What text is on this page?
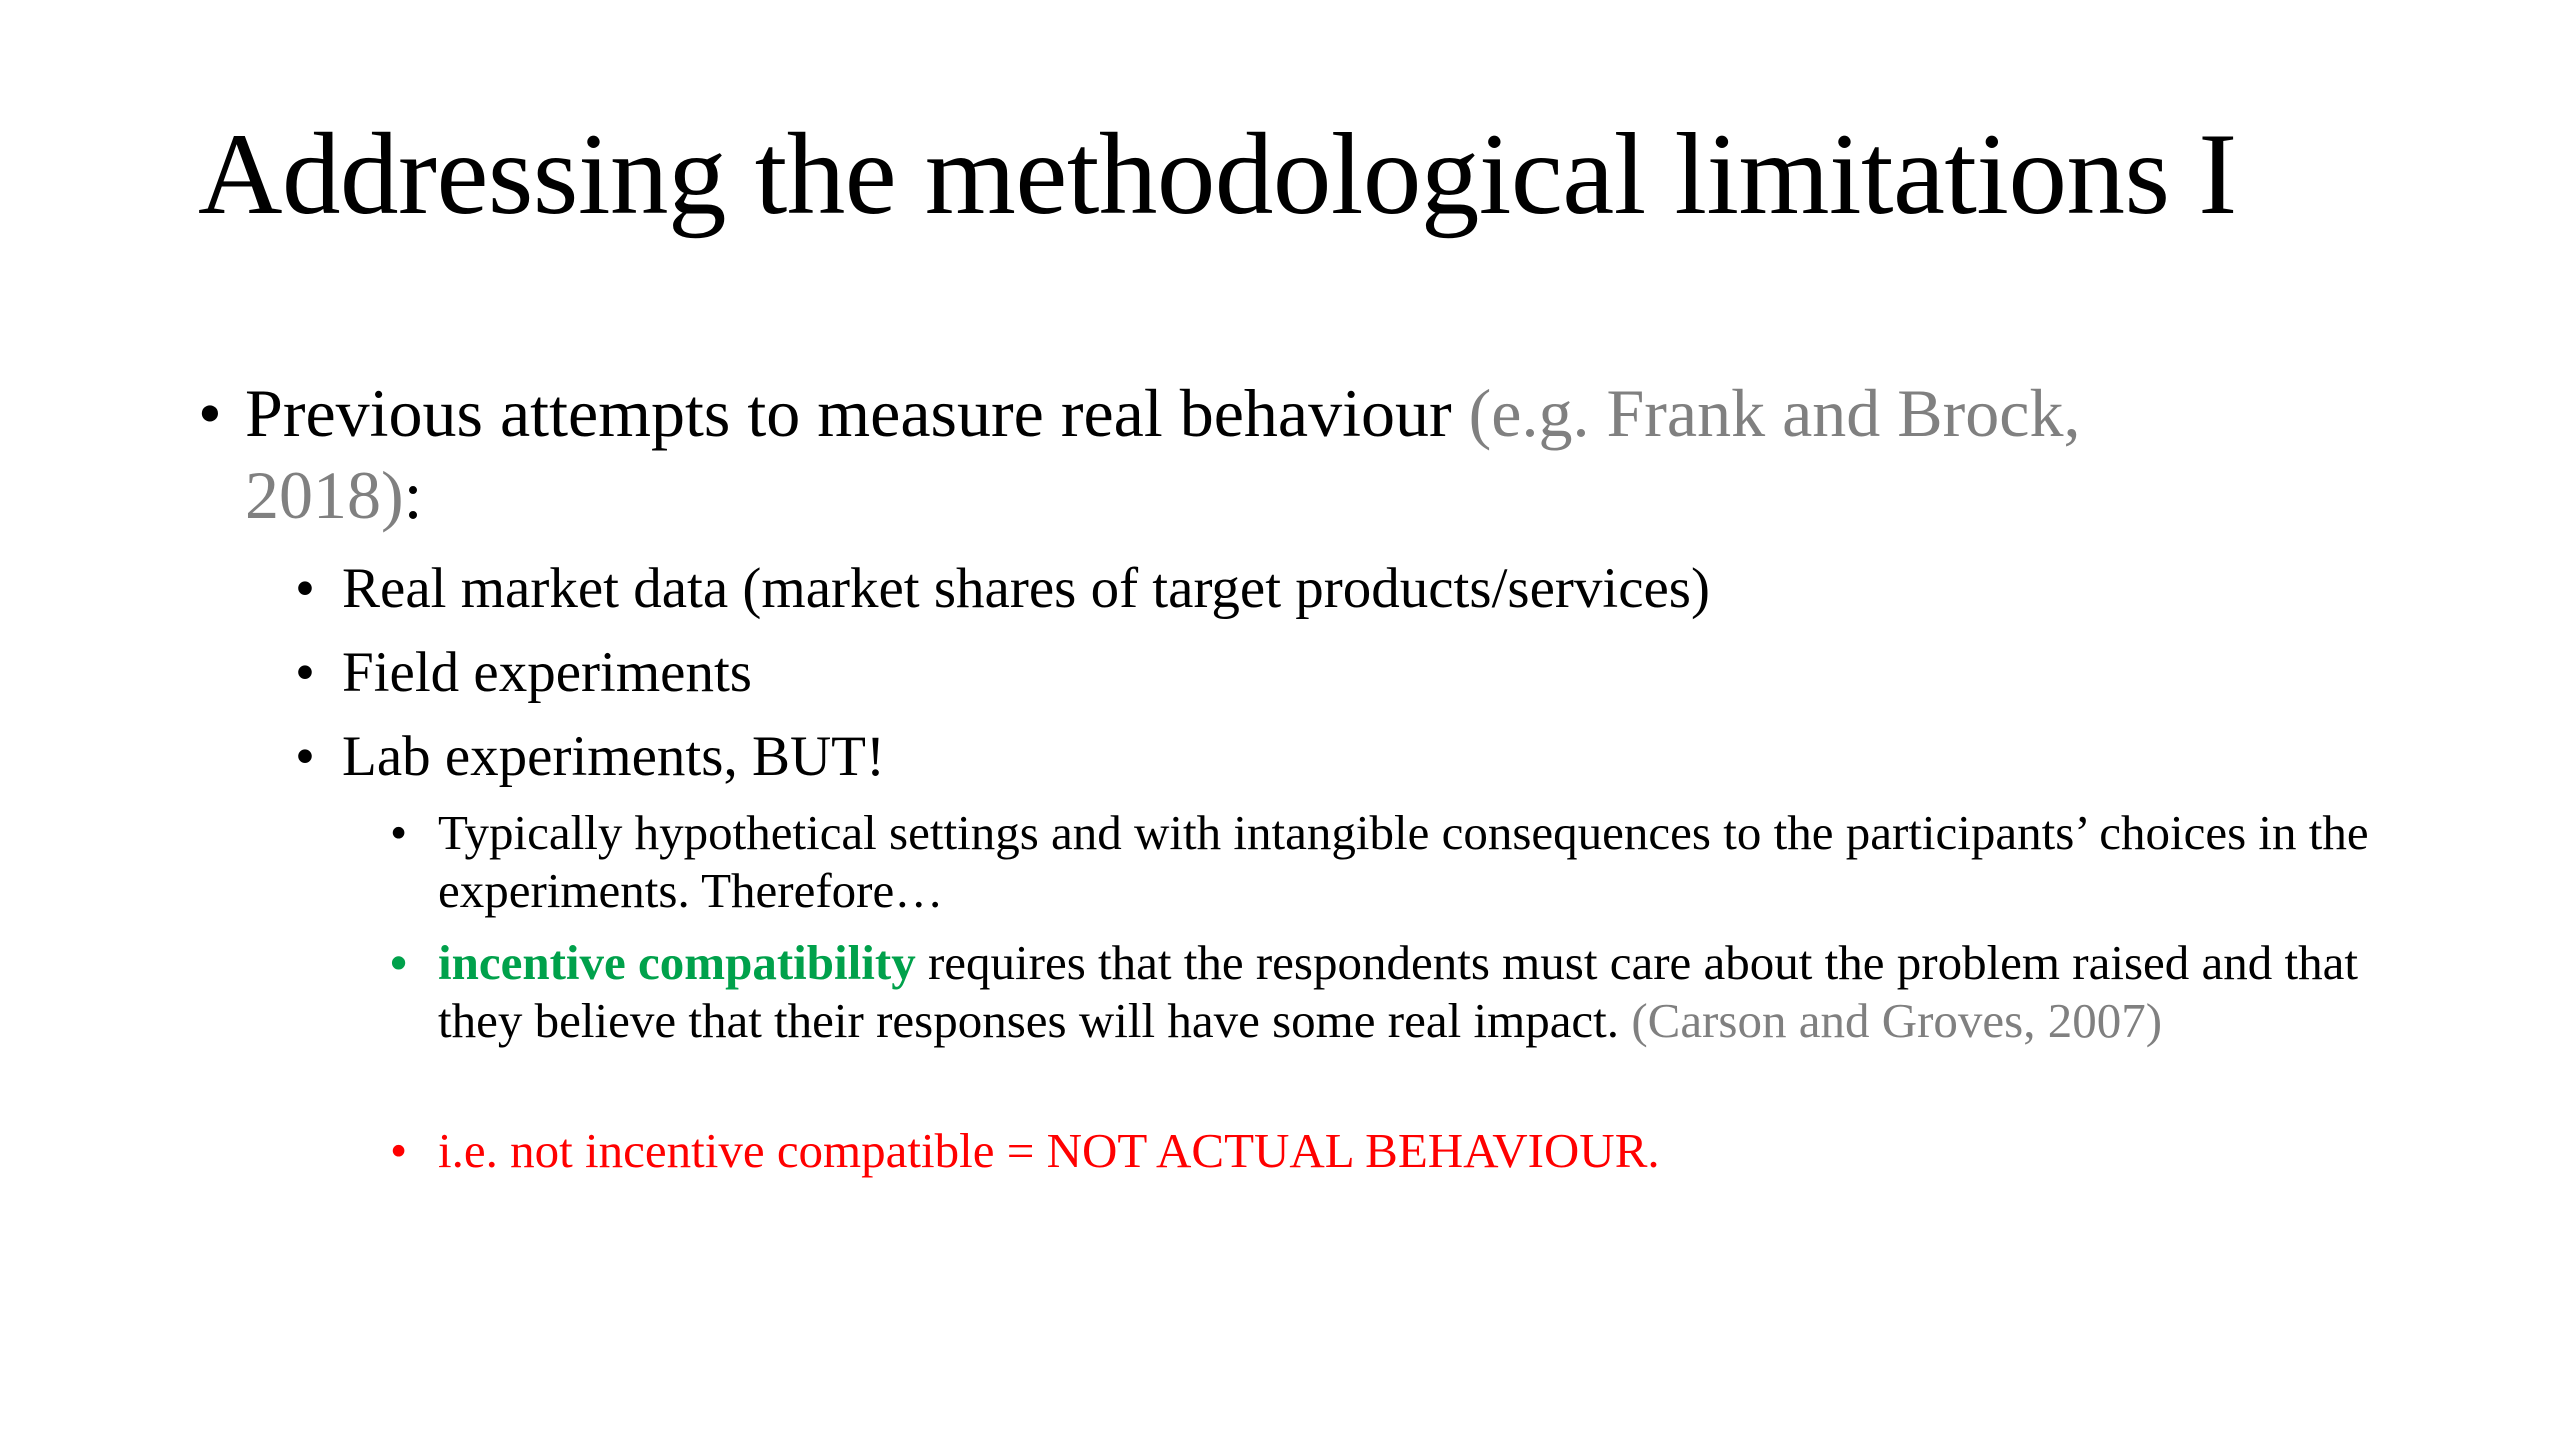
Addressing the methodological limitations I
• Previous attempts to measure real behaviour (e.g. Frank and Brock, 2018):
• Real market data (market shares of target products/services)
• Field experiments
• Lab experiments, BUT!
• Typically hypothetical settings and with intangible consequences to the participants’ choices in the experiments. Therefore…
• incentive compatibility requires that the respondents must care about the problem raised and that they believe that their responses will have some real impact. (Carson and Groves, 2007)
• i.e. not incentive compatible = NOT ACTUAL BEHAVIOUR.
